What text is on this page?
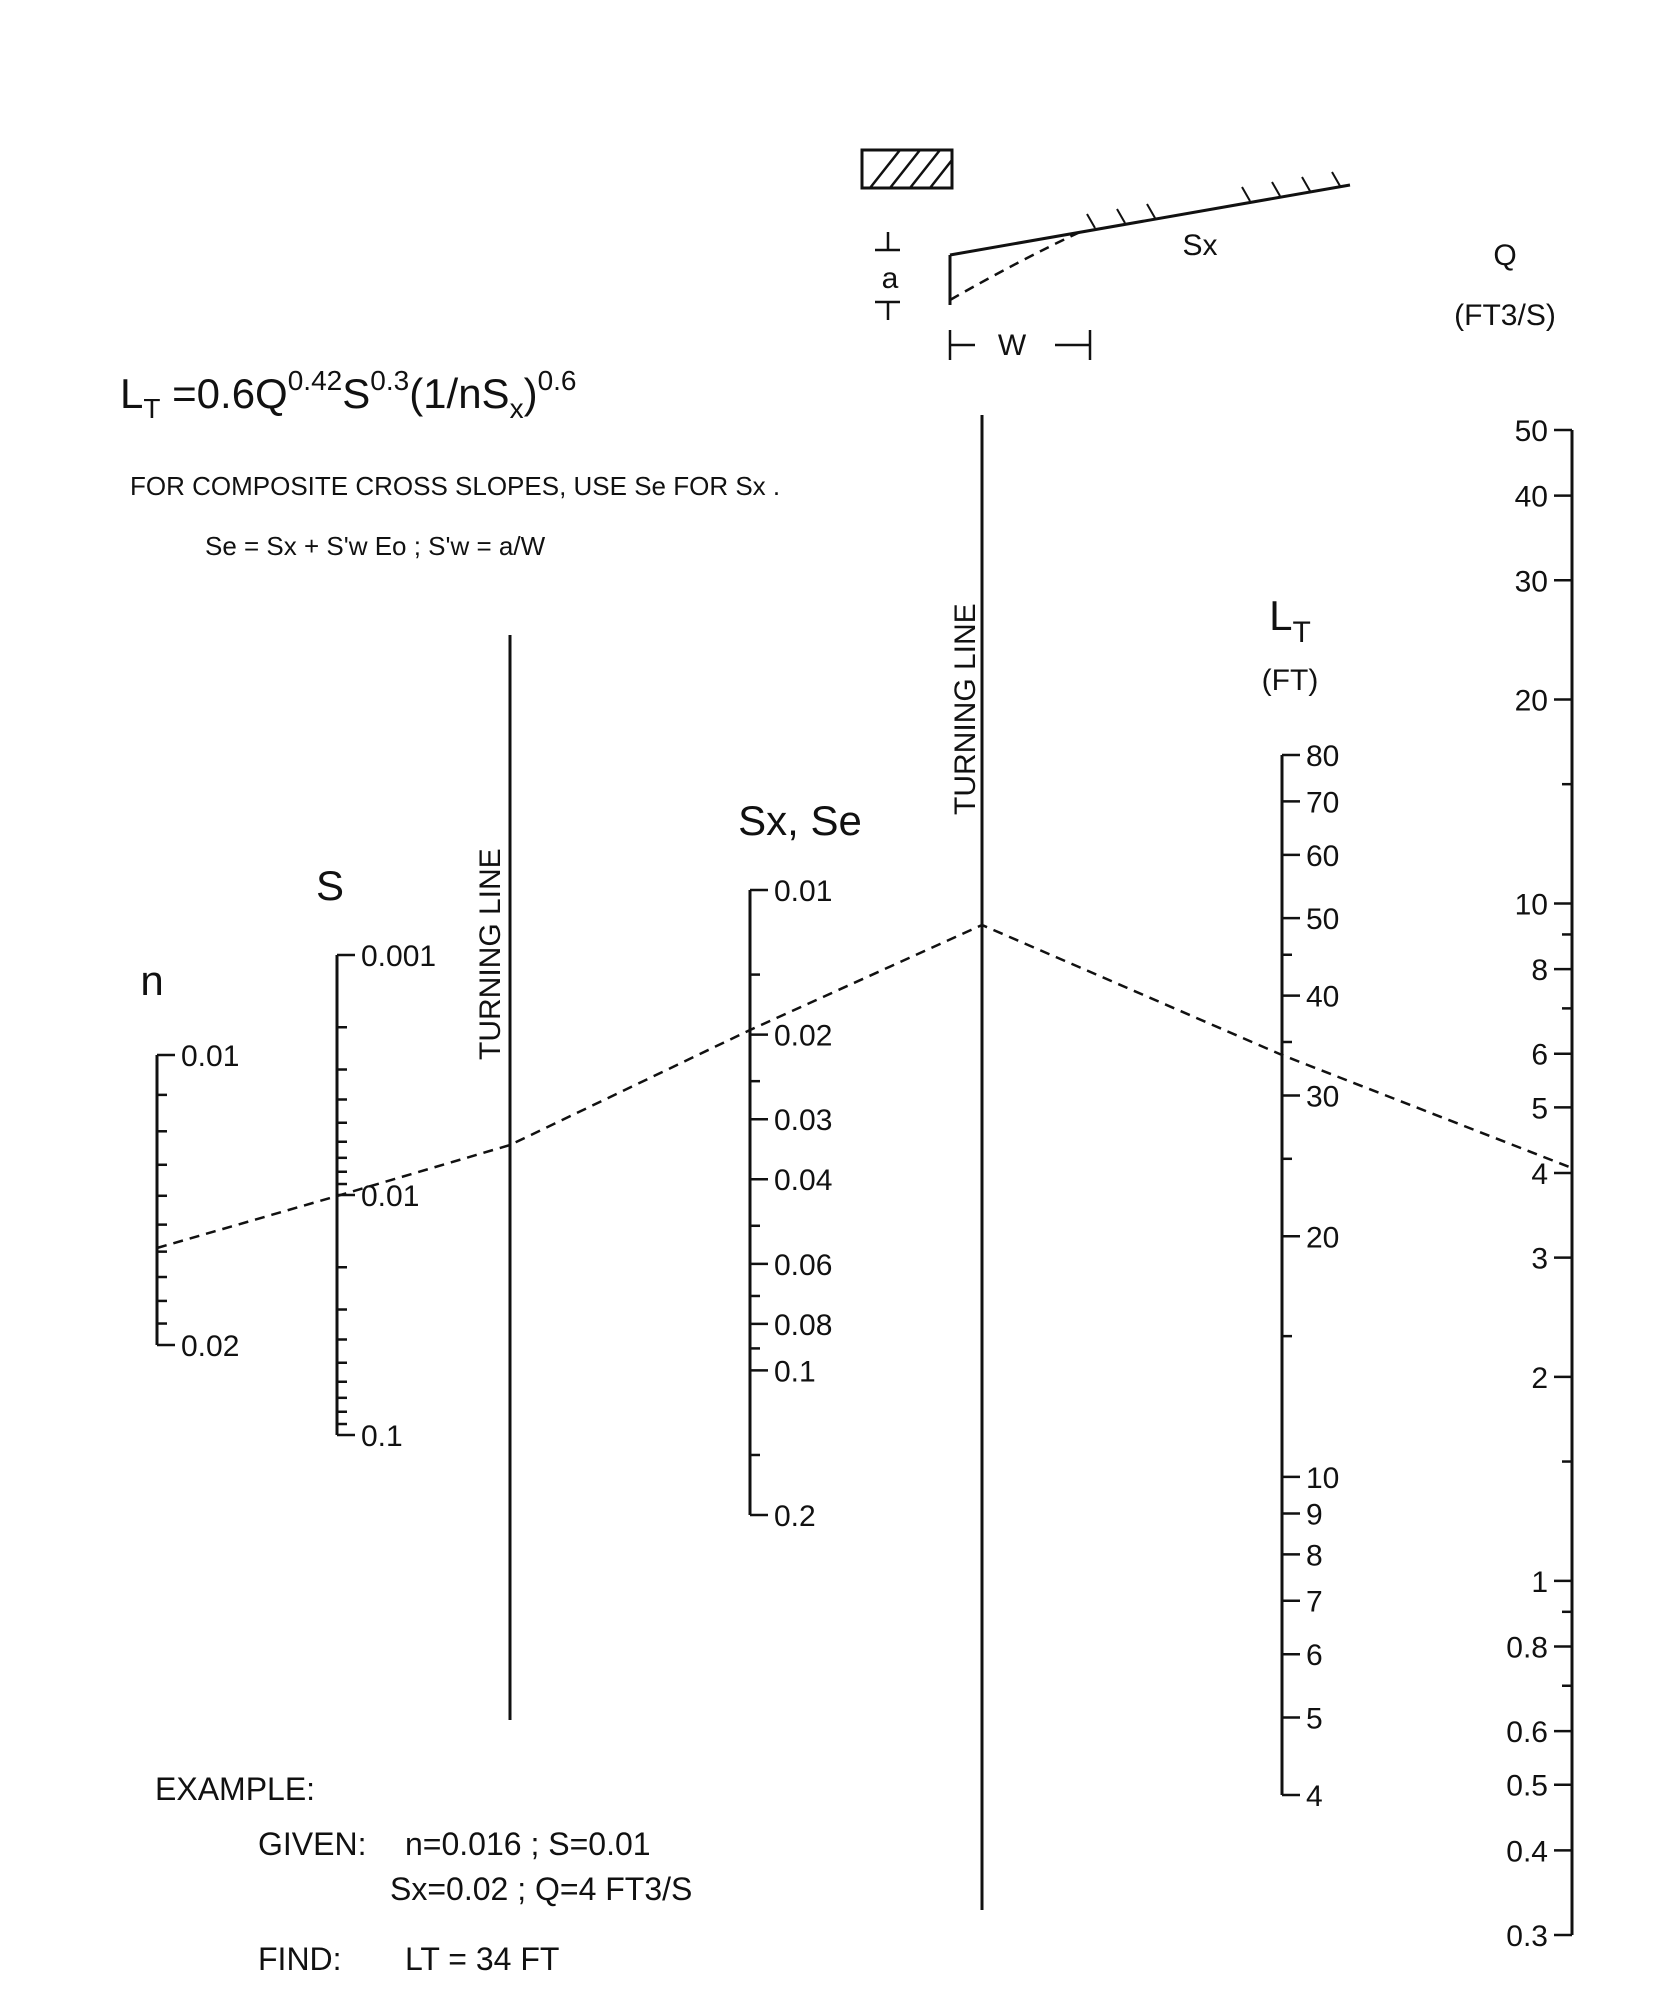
$L_T =0.6Q^{0.42}S^{0.3}(1/nS_x)^{0.6}$
FOR COMPOSITE CROSS SLOPES, USE Se FOR Sx .
Se = Sx + S'w Eo ; S'w = a/W
a
W
Sx
TURNING LINE
TURNING LINE
n
0.01
0.02
S
0.001
0.01
0.1
Sx, Se
0.01
0.02
0.03
0.04
0.06
0.08
0.1
0.2
$L_T$
(FT)
80
70
60
50
40
30
20
10
9
8
7
6
5
4
Q
(FT3/S)
50
40
30
20
10
8
6
5
4
3
2
1
0.8
0.6
0.5
0.4
0.3
EXAMPLE:
GIVEN: n=0.016 ; S=0.01
Sx=0.02 ; Q=4 FT3/S
FIND: LT = 34 FT
